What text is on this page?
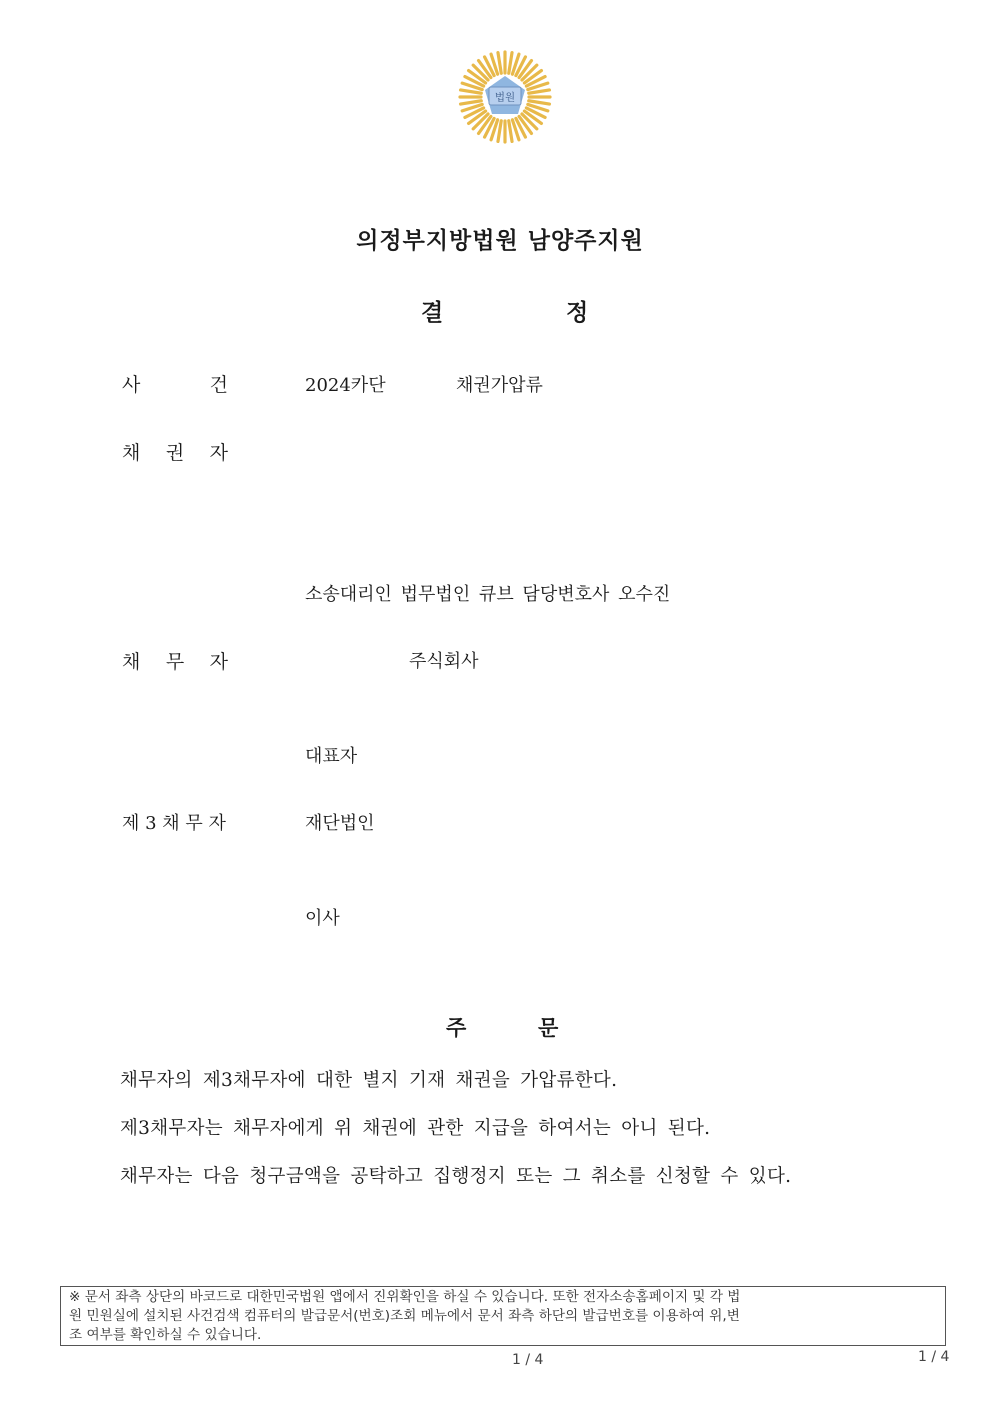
법원
의정부지방법원 남양주지원
결	정
사	건	2024카단	채권가압류
채 권 자
소송대리인 법무법인 큐브 담당변호사 오수진
채 무 자	주식회사
대표자
제 3 채 무 자	재단법인
이사
주	문
채무자의 제3채무자에 대한 별지 기재 채권을 가압류한다.
제3채무자는 채무자에게 위 채권에 관한 지급을 하여서는 아니 된다.
채무자는 다음 청구금액을 공탁하고 집행정지 또는 그 취소를 신청할 수 있다.
※ 문서 좌측 상단의 바코드로 대한민국법원 앱에서 진위확인을 하실 수 있습니다. 또한 전자소송홈페이지 및 각 법
원 민원실에 설치된 사건검색 컴퓨터의 발급문서(번호)조회 메뉴에서 문서 좌측 하단의 발급번호를 이용하여 위,변
조 여부를 확인하실 수 있습니다.
1 / 4	1 / 4
